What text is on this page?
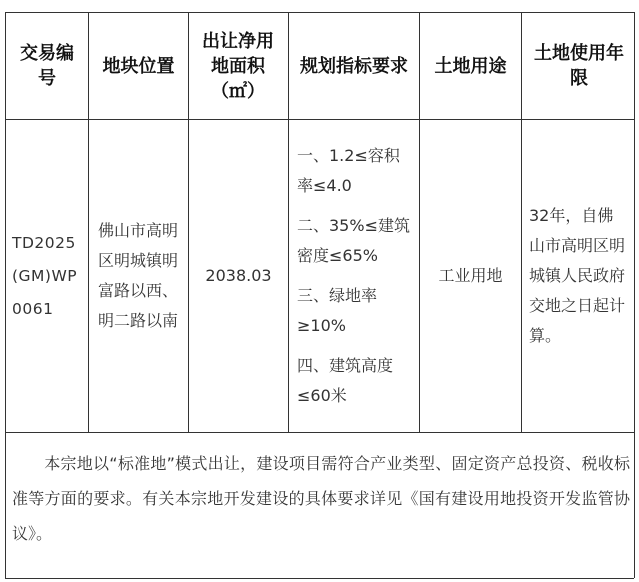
交易编号
地块位置
出让净用地面积（㎡）
规划指标要求 土地用途
土地使用年限
TD2025(GM)WP0061
佛山市高明区明城镇明富路以西、明二路以南
2038.03
一、1.2≤容积率≤4.0
二、35%≤建筑密度≤65%
三、绿地率≥10%
四、建筑高度≤60米
工业用地
32年，自佛山市高明区明城镇人民政府交地之日起计算。
本宗地以“标准地”模式出让，建设项目需符合产业类型、固定资产总投资、税收标准等方面的要求。有关本宗地开发建设的具体要求详见《国有建设用地投资开发监管协议》。
